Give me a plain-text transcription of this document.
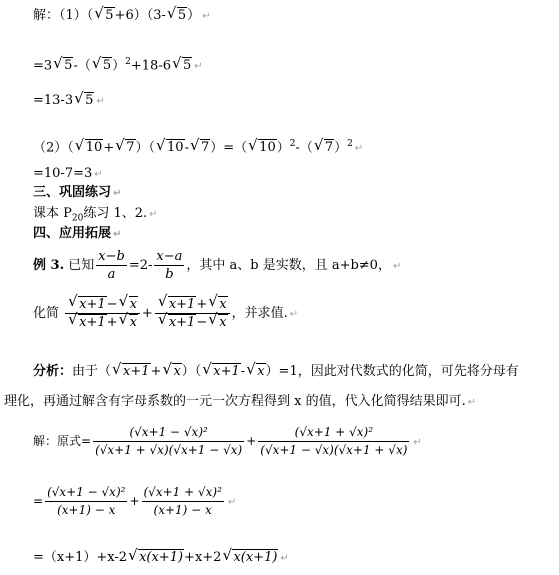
解：（1）（ √ 5+6）（3- √ 5） ↵
=3 √ 5-（ √ 5）$^2$+18-6 √ 5 ↵
=13-3 √ 5 ↵
（2）（ √ 10+ √ 7）（ √ 10- √ 7）=（ √ 10）$^2$-（ √ 7）$^2$ ↵
=10-7=3 ↵
三、巩固练习 ↵
课本 $P_{20}$练习 1、2. ↵
四、应用拓展 ↵
例 3. 已知 $\frac{x-b}{a} =2- \frac{x-a}{b}$ ，其中 a、b 是实数，且 a+b≠0， ↵
化简 √ x+1− √ x
√ x+1+ √ x + √ x+1+ √ x
√ x+1− √ x ，并求值. ↵
分析：由于（ √ x+1+ √ x）（ √ x+1- √ x）=1，因此对代数式的化简，可先将分母有
理化，再通过解含有字母系数的一元一次方程得到 x 的值，代入化简得结果即可. ↵
解：原式= $\frac{\text{(√x+1 − √x)²}}{(√x+1 + √x)(√x+1 - √x)} + \frac{\text{(√x+1 + √x)²}}{(√x+1 - √x)(√x+1 + √x)}$ ↵
= $\frac{\text{(√x+1 − √x)²}}{(x+1) - x} + \frac{\text{(√x+1 + √x)²}}{(x+1) - x}$ ↵
=（x+1）+x-2 √ x(x+1)+x+2 √ x(x+1) ↵
